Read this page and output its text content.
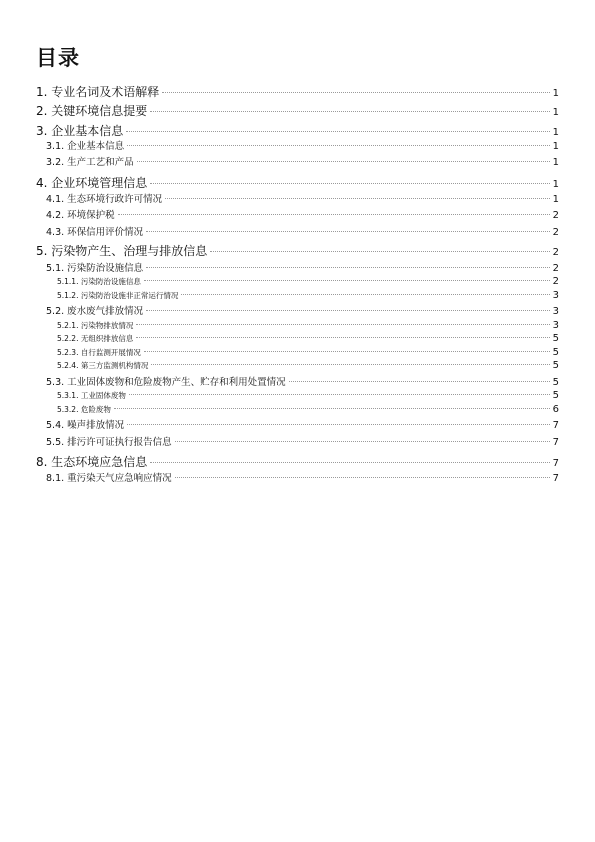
目录
1. 专业名词及术语解释	1
2. 关键环境信息提要	1
3. 企业基本信息	1
3.1. 企业基本信息	1
3.2. 生产工艺和产品	1
4. 企业环境管理信息	1
4.1. 生态环境行政许可情况	1
4.2. 环境保护税	2
4.3. 环保信用评价情况	2
5. 污染物产生、治理与排放信息	2
5.1. 污染防治设施信息	2
5.1.1. 污染防治设施信息	2
5.1.2. 污染防治设施非正常运行情况	3
5.2. 废水废气排放情况	3
5.2.1. 污染物排放情况	3
5.2.2. 无组织排放信息	5
5.2.3. 自行监测开展情况	5
5.2.4. 第三方监测机构情况	5
5.3. 工业固体废物和危险废物产生、贮存和利用处置情况	5
5.3.1. 工业固体废物	5
5.3.2. 危险废物	6
5.4. 噪声排放情况	7
5.5. 排污许可证执行报告信息	7
8. 生态环境应急信息	7
8.1. 重污染天气应急响应情况	7
